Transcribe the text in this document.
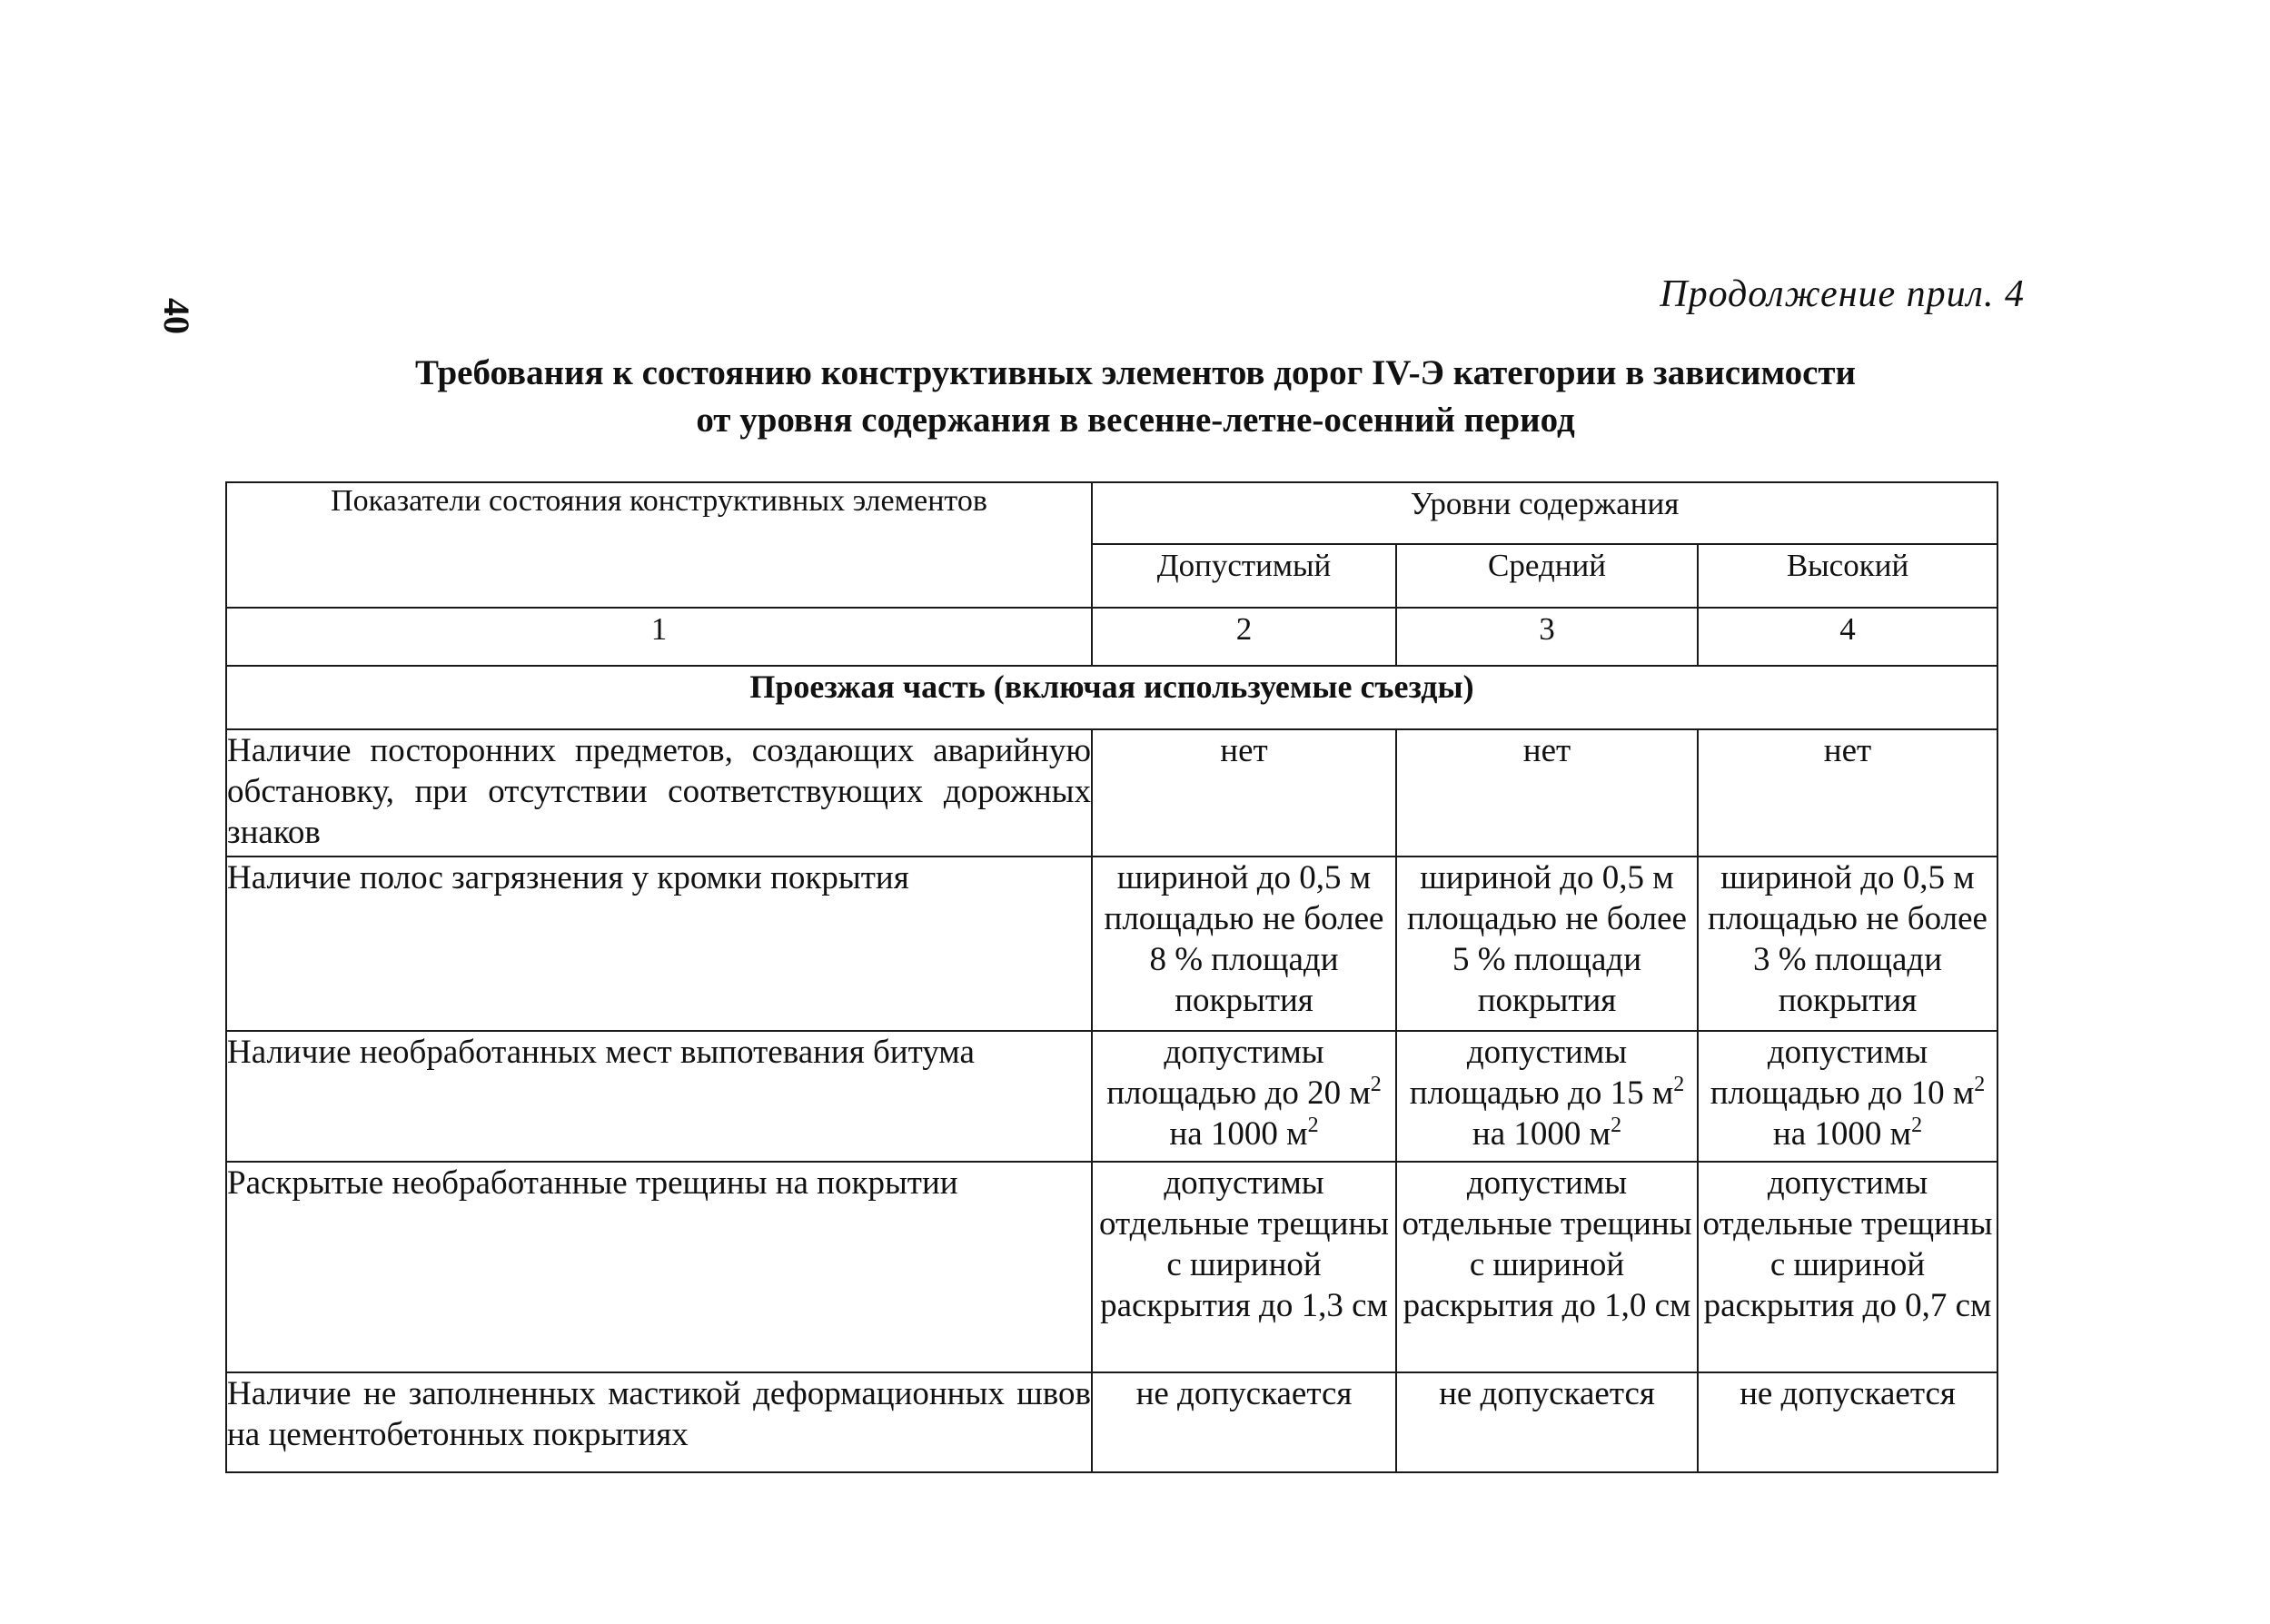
40
Продолжение прил. 4
Требования к состоянию конструктивных элементов дорог IV-Э категории в зависимости
от уровня содержания в весенне-летне-осенний период
Показатели состояния конструктивных элементов	Уровни содержания		
	Допустимый	Средний	Высокий
1	2	3	4
Проезжая часть (включая используемые съезды)			
Наличие посторонних предметов, создающих аварийную обстановку, при отсутствии соответствующих дорожных знаков	нет	нет	нет
Наличие полос загрязнения у кромки покрытия	шириной до 0,5 м площадью не более 8 % площади покрытия	шириной до 0,5 м площадью не более 5 % площади покрытия	шириной до 0,5 м площадью не более 3 % площади покрытия
Наличие необработанных мест выпотевания битума	допустимы площадью до 20 $м^2$ на 1000 $м^2$	допустимы площадью до 15 $м^2$ на 1000 $м^2$	допустимы площадью до 10 $м^2$ на 1000 $м^2$
Раскрытые необработанные трещины на покрытии	допустимы отдельные трещины с шириной раскрытия до 1,3 см	допустимы отдельные трещины с шириной раскрытия до 1,0 см	допустимы отдельные трещины с шириной раскрытия до 0,7 см
Наличие не заполненных мастикой деформационных швов на цементобетонных покрытиях	не допускается	не допускается	не допускается
